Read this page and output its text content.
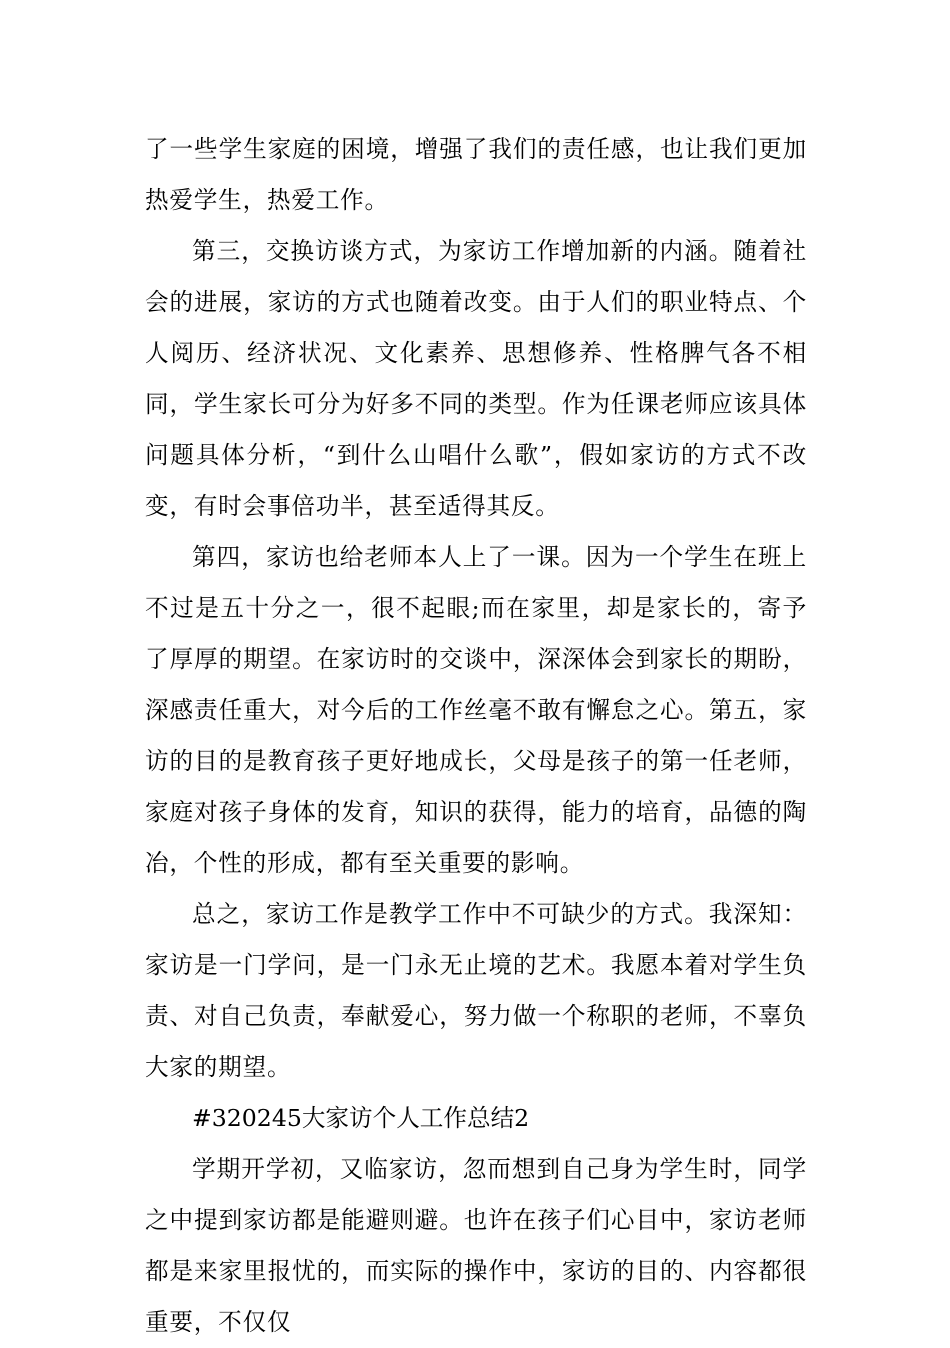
了一些学生家庭的困境，增强了我们的责任感，也让我们更加热爱学生，热爱工作。

第三，交换访谈方式，为家访工作增加新的内涵。随着社会的进展，家访的方式也随着改变。由于人们的职业特点、个人阅历、经济状况、文化素养、思想修养、性格脾气各不相同，学生家长可分为好多不同的类型。作为任课老师应该具体问题具体分析，“到什么山唱什么歌”，假如家访的方式不改变，有时会事倍功半，甚至适得其反。

第四，家访也给老师本人上了一课。因为一个学生在班上不过是五十分之一，很不起眼;而在家里，却是家长的，寄予了厚厚的期望。在家访时的交谈中，深深体会到家长的期盼，深感责任重大，对今后的工作丝毫不敢有懈怠之心。第五，家访的目的是教育孩子更好地成长，父母是孩子的第一任老师，家庭对孩子身体的发育，知识的获得，能力的培育，品德的陶冶，个性的形成，都有至关重要的影响。

总之，家访工作是教学工作中不可缺少的方式。我深知：家访是一门学问，是一门永无止境的艺术。我愿本着对学生负责、对自己负责，奉献爱心，努力做一个称职的老师，不辜负大家的期望。

#320245大家访个人工作总结2

学期开学初，又临家访，忽而想到自己身为学生时，同学之中提到家访都是能避则避。也许在孩子们心目中，家访老师都是来家里报忧的，而实际的操作中，家访的目的、内容都很重要，不仅仅
